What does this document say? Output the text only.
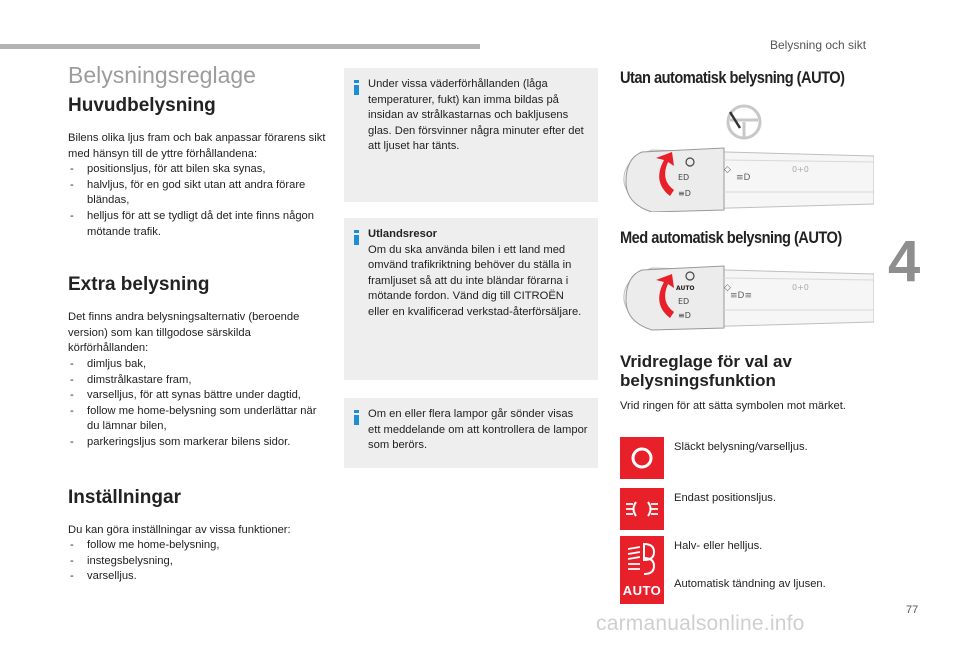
Belysning och sikt
4
77
Belysningsreglage
Huvudbelysning

Bilens olika ljus fram och bak anpassar förarens sikt med hänsyn till de yttre förhållandena:

- positionsljus, för att bilen ska synas,
- halvljus, för en god sikt utan att andra förare bländas,
- helljus för att se tydligt då det inte finns någon mötande trafik.
Extra belysning

Det finns andra belysningsalternativ (beroende version) som kan tillgodose särskilda körförhållanden:

- dimljus bak,
- dimstrålkastare fram,
- varselljus, för att synas bättre under dagtid,
- follow me home-belysning som underlättar när du lämnar bilen,
- parkeringsljus som markerar bilens sidor.
Inställningar

Du kan göra inställningar av vissa funktioner:

- follow me home-belysning,
- instegsbelysning,
- varselljus.
Under vissa väderförhållanden (låga temperaturer, fukt) kan imma bildas på insidan av strålkastarnas och bakljusens glas. Den försvinner några minuter efter det att ljuset har tänts.
Utlandsresor
Om du ska använda bilen i ett land med omvänd trafikriktning behöver du ställa in framljuset så att du inte bländar förarna i mötande fordon. Vänd dig till CITROËN eller en kvalificerad verkstad-återförsäljare.
Om en eller flera lampor går sönder visas ett meddelande om att kontrollera de lampor som berörs.
Utan automatisk belysning (AUTO)
ED
≡D
◇
≡D
0+0
Med automatisk belysning (AUTO)
AUTO
ED
≡D
◇
≡D≡
0+0
Vridreglage för val av belysningsfunktion
Vrid ringen för att sätta symbolen mot märket.
Släckt belysning/varselljus.
Endast positionsljus.
Halv- eller helljus.
AUTO Automatisk tändning av ljusen.
carmanualsonline.info
